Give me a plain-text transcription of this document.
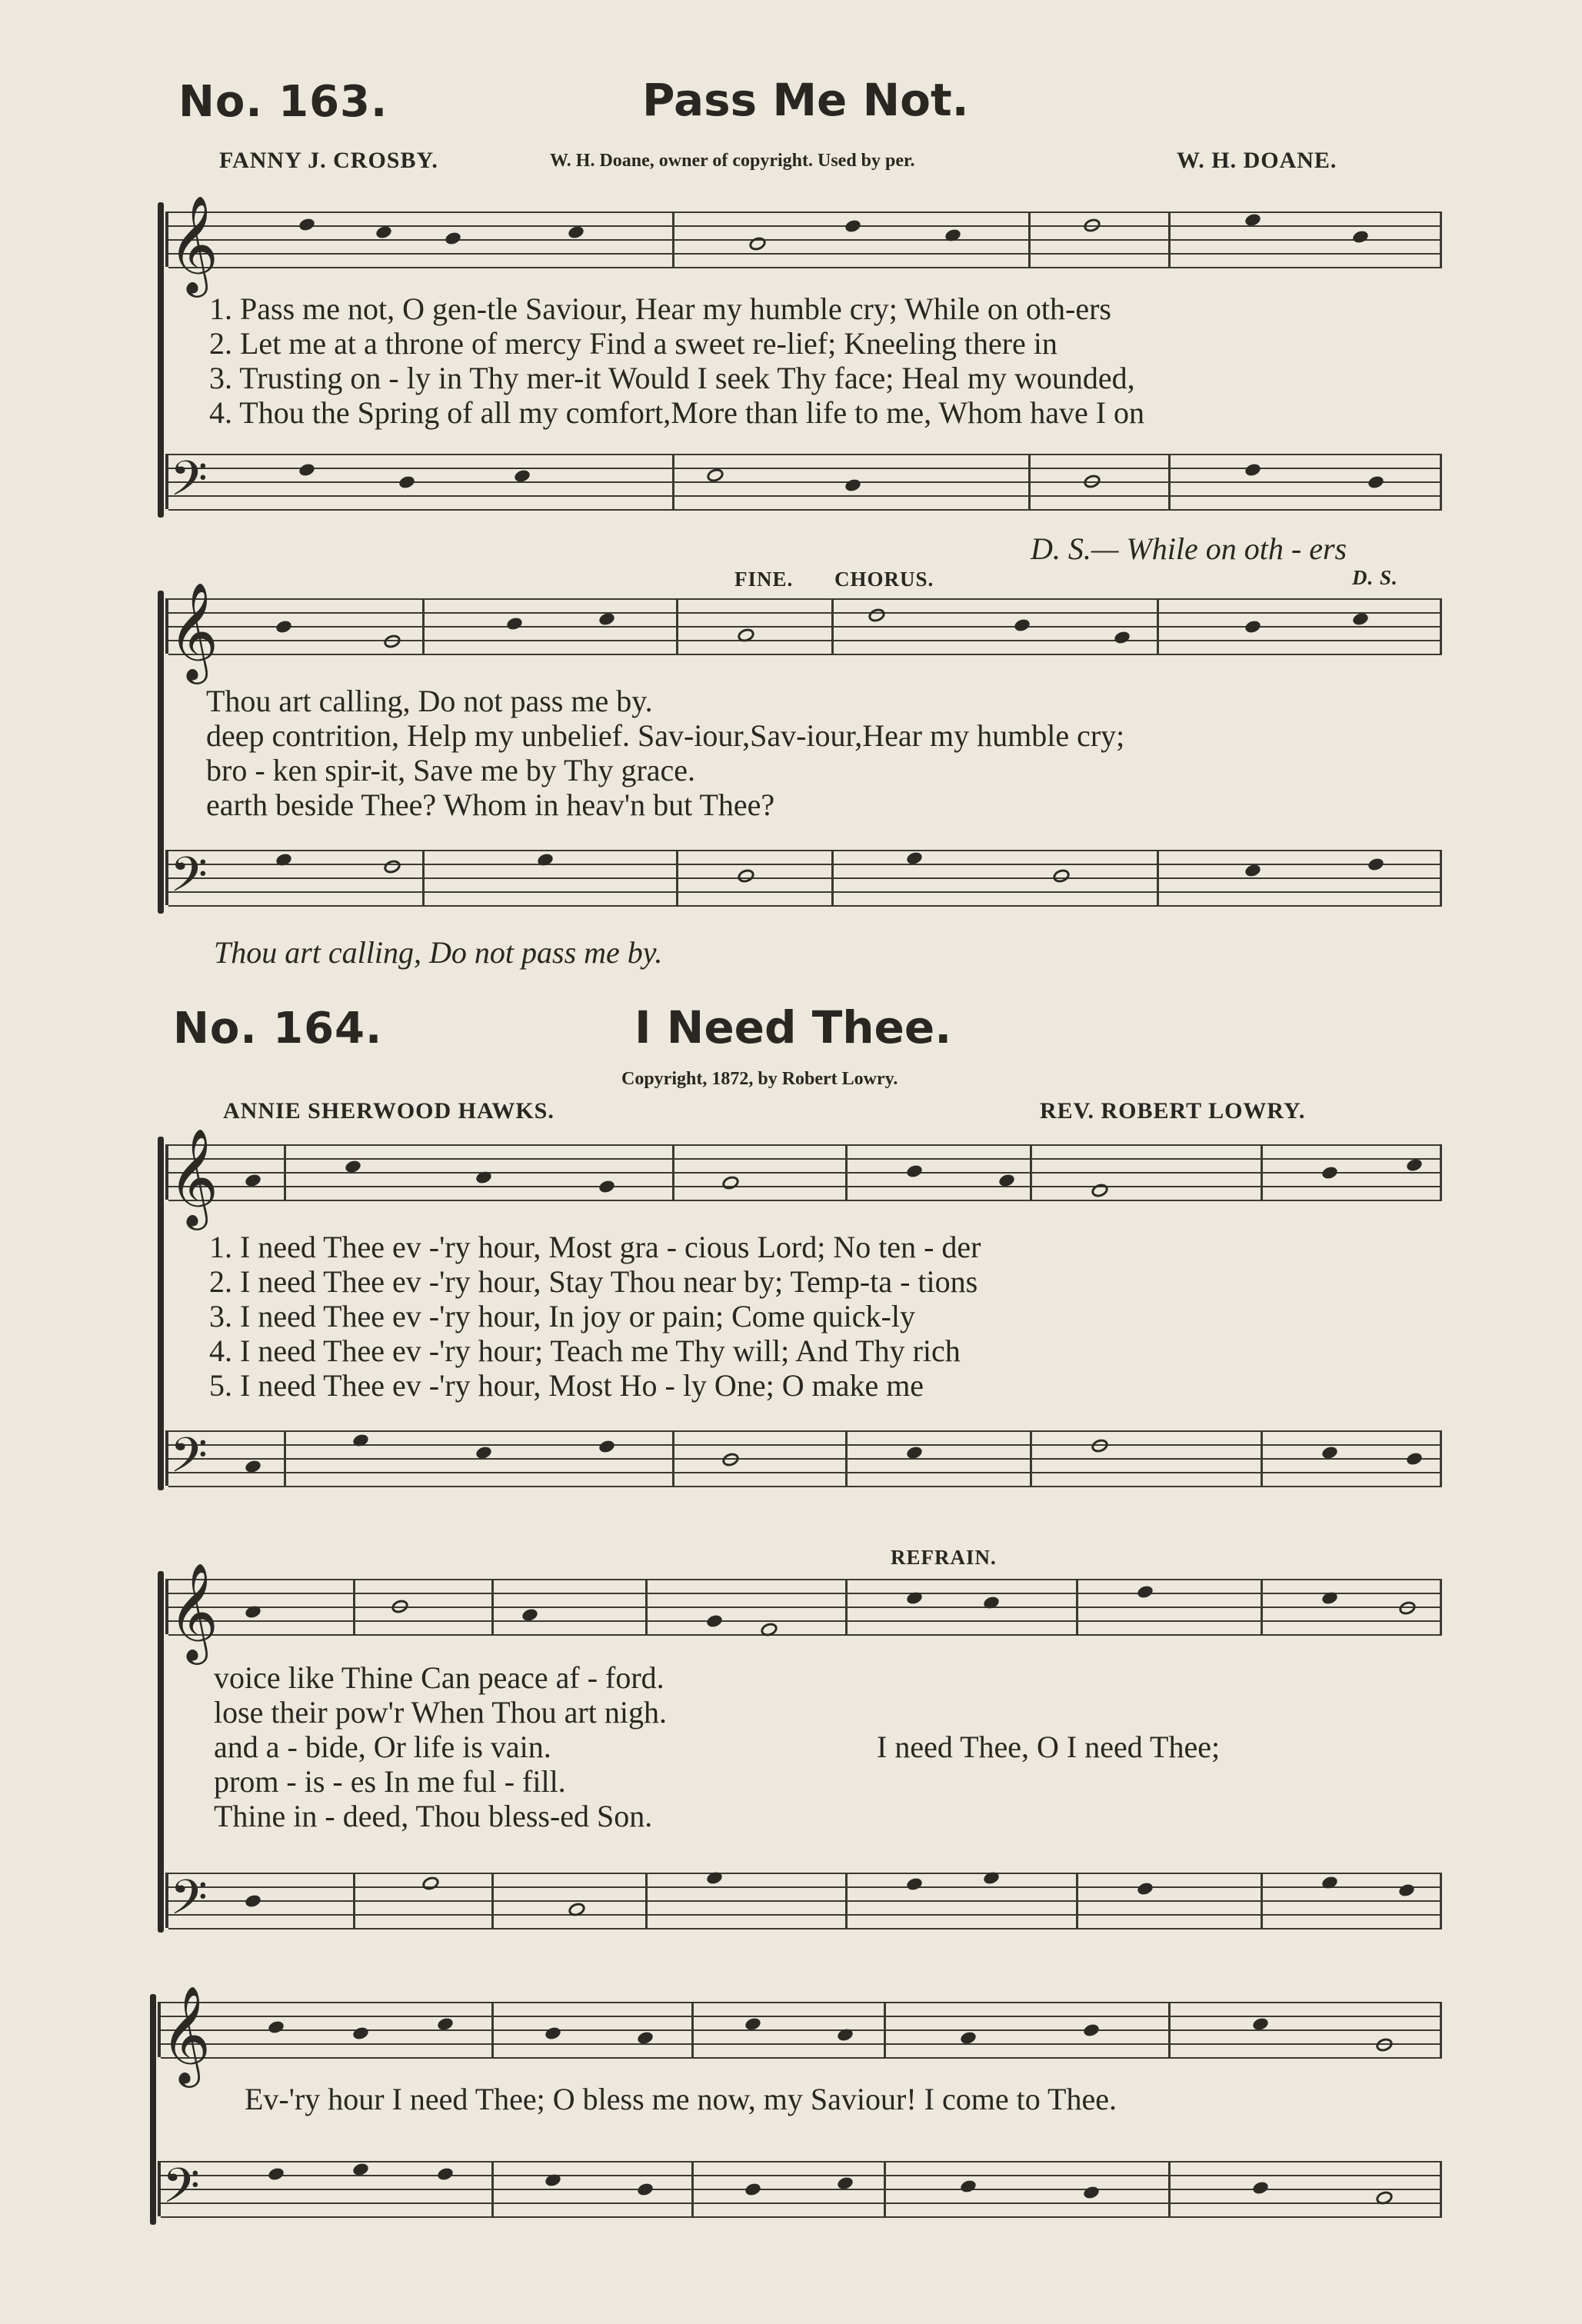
No. 163.	Pass Me Not.
FANNY J. CROSBY.	W. H. Doane, owner of copyright. Used by per.	W. H. DOANE.
𝄞
𝄢
1. Pass me not, O gen-tle Saviour, Hear my humble cry; While on oth-ers
2. Let me at a throne of mercy Find a sweet re-lief; Kneeling there in
3. Trusting on - ly in Thy mer-it Would I seek Thy face; Heal my wounded,
4. Thou the Spring of all my comfort,More than life to me, Whom have I on
D. S.— While on oth - ers
FINE. CHORUS.	D. S.
𝄞
𝄢
Thou art calling, Do not pass me by.
deep contrition, Help my unbelief. Sav-iour,Sav-iour,Hear my humble cry;
bro - ken spir-it, Save me by Thy grace.
earth beside Thee? Whom in heav'n but Thee?
Thou art calling, Do not pass me by.
No. 164.	I Need Thee.
Copyright, 1872, by Robert Lowry.
ANNIE SHERWOOD HAWKS.	REV. ROBERT LOWRY.
𝄞
𝄢
1. I need Thee ev -'ry hour, Most gra - cious Lord; No ten - der
2. I need Thee ev -'ry hour, Stay Thou near by; Temp-ta - tions
3. I need Thee ev -'ry hour, In joy or pain; Come quick-ly
4. I need Thee ev -'ry hour; Teach me Thy will; And Thy rich
5. I need Thee ev -'ry hour, Most Ho - ly One; O make me
REFRAIN.
𝄞
𝄢
voice like Thine Can peace af - ford.
lose their pow'r When Thou art nigh.
and a - bide, Or life is vain.
prom - is - es In me ful - fill.
Thine in - deed, Thou bless-ed Son.
I need Thee, O I need Thee;
𝄞
𝄢
Ev-'ry hour I need Thee; O bless me now, my Saviour! I come to Thee.
